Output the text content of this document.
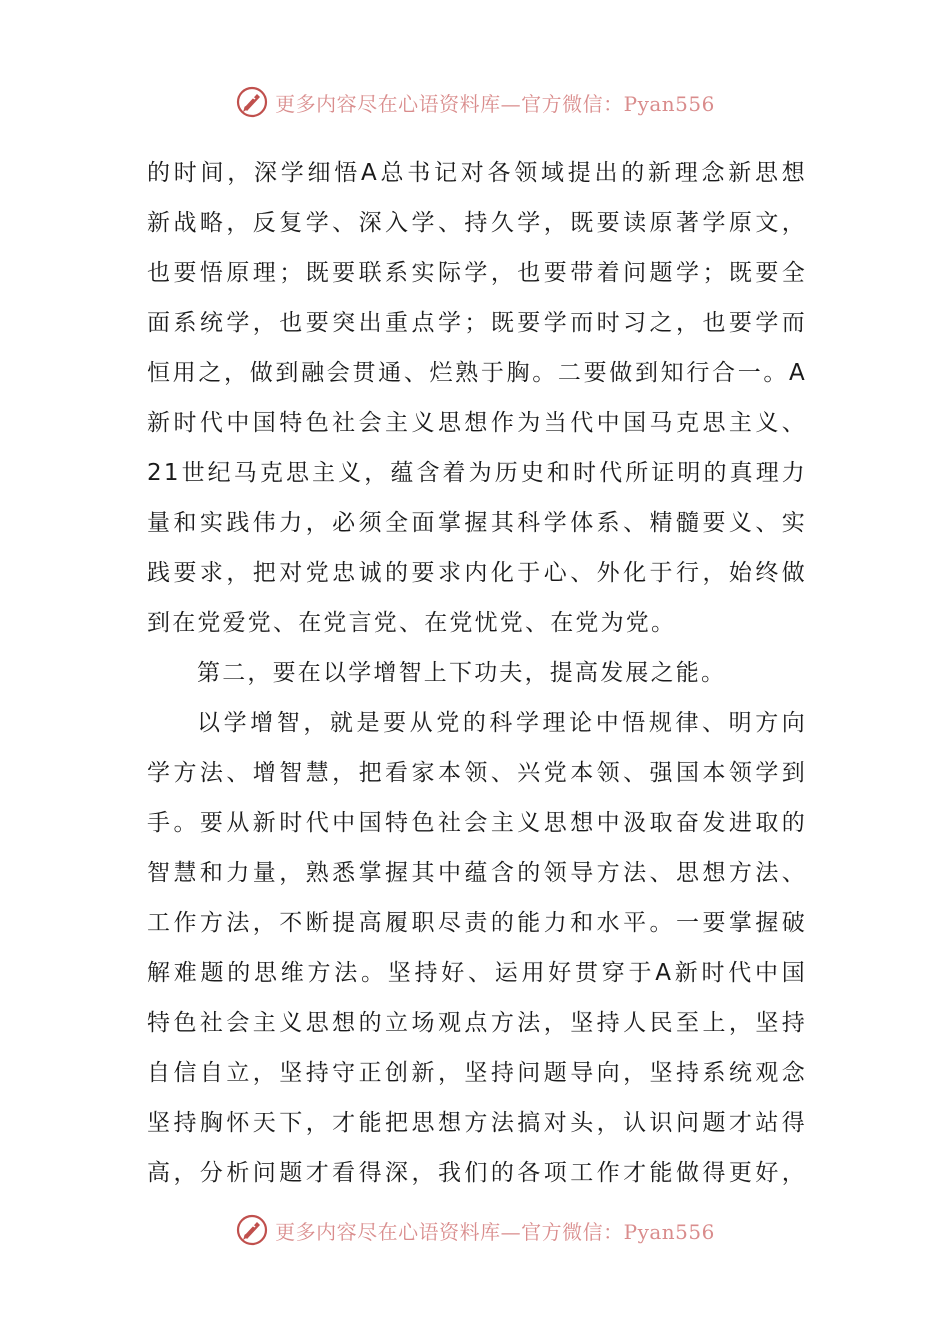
更多内容尽在心语资料库—官方微信：Pyan556
的时间，深学细悟A总书记对各领域提出的新理念新思想
新战略，反复学、深入学、持久学，既要读原著学原文，
也要悟原理；既要联系实际学，也要带着问题学；既要全
面系统学，也要突出重点学；既要学而时习之，也要学而
恒用之，做到融会贯通、烂熟于胸。二要做到知行合一。A
新时代中国特色社会主义思想作为当代中国马克思主义、
21世纪马克思主义，蕴含着为历史和时代所证明的真理力
量和实践伟力，必须全面掌握其科学体系、精髓要义、实
践要求，把对党忠诚的要求内化于心、外化于行，始终做
到在党爱党、在党言党、在党忧党、在党为党。
第二，要在以学增智上下功夫，提高发展之能。
以学增智，就是要从党的科学理论中悟规律、明方向
学方法、增智慧，把看家本领、兴党本领、强国本领学到
手。要从新时代中国特色社会主义思想中汲取奋发进取的
智慧和力量，熟悉掌握其中蕴含的领导方法、思想方法、
工作方法，不断提高履职尽责的能力和水平。一要掌握破
解难题的思维方法。坚持好、运用好贯穿于A新时代中国
特色社会主义思想的立场观点方法，坚持人民至上，坚持
自信自立，坚持守正创新，坚持问题导向，坚持系统观念
坚持胸怀天下，才能把思想方法搞对头，认识问题才站得
高，分析问题才看得深，我们的各项工作才能做得更好，
更多内容尽在心语资料库—官方微信：Pyan556
